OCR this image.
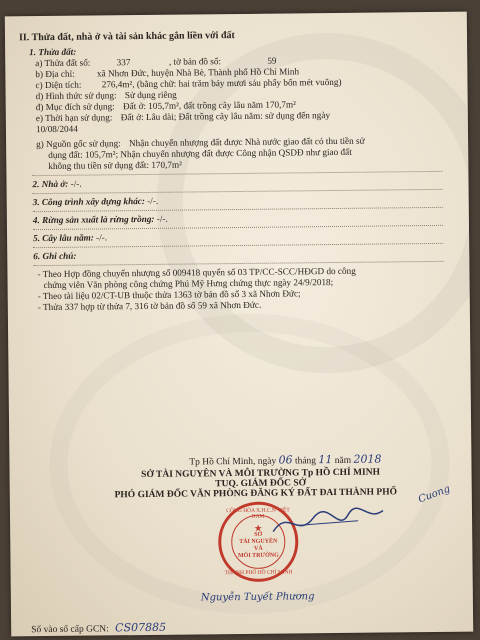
II. Thửa đất, nhà ở và tài sản khác gắn liền với đất
1. Thửa đất:
a) Thửa đất số:	337	, tờ bản đồ số:	59
b) Địa chỉ: xã Nhơn Đức, huyện Nhà Bè, Thành phố Hồ Chí Minh
c) Diện tích: 276,4m², (bằng chữ: hai trăm bảy mươi sáu phẩy bốn mét vuông)
d) Hình thức sử dụng: Sử dụng riêng
đ) Mục đích sử dụng: Đất ở: 105,7m², đất trồng cây lâu năm 170,7m²
e) Thời hạn sử dụng: Đất ở: Lâu dài; Đất trồng cây lâu năm: sử dụng đến ngày
10/08/2044
g) Nguồn gốc sử dụng: Nhận chuyển nhượng đất được Nhà nước giao đất có thu tiền sử
dụng đất: 105,7m²; Nhận chuyển nhượng đất được Công nhận QSDĐ như giao đất
không thu tiền sử dụng đất: 170,7m²
2. Nhà ở: -/-.
3. Công trình xây dựng khác: -/-.
4. Rừng sản xuất là rừng trồng: -/-.
5. Cây lâu năm: -/-.
6. Ghi chú:
- Theo Hợp đồng chuyển nhượng số 009418 quyển số 03 TP/CC-SCC/HĐGD do công
chứng viên Văn phòng công chứng Phú Mỹ Hưng chứng thực ngày 24/9/2018;
- Theo tài liệu 02/CT-UB thuộc thửa 1363 tờ bản đồ số 3 xã Nhơn Đức;
- Thửa 337 hợp từ thửa 7, 316 tờ bản đồ số 59 xã Nhơn Đức.
Tp Hồ Chí Minh, ngày 06 tháng 11 năm 2018
SỞ TÀI NGUYÊN VÀ MÔI TRƯỜNG Tp HỒ CHÍ MINH
TUQ. GIÁM ĐỐC SỞ
PHÓ GIÁM ĐỐC VĂN PHÒNG ĐĂNG KÝ ĐẤT ĐAI THÀNH PHỐ
CỘNG HÒA X.H.C.N VIỆT NAM
★
SỞ
TÀI NGUYÊN
VÀ
MÔI TRƯỜNG
THÀNH PHỐ HỒ CHÍ MINH
Cuong
Nguyễn Tuyết Phương
Số vào sổ cấp GCN: CS07885
